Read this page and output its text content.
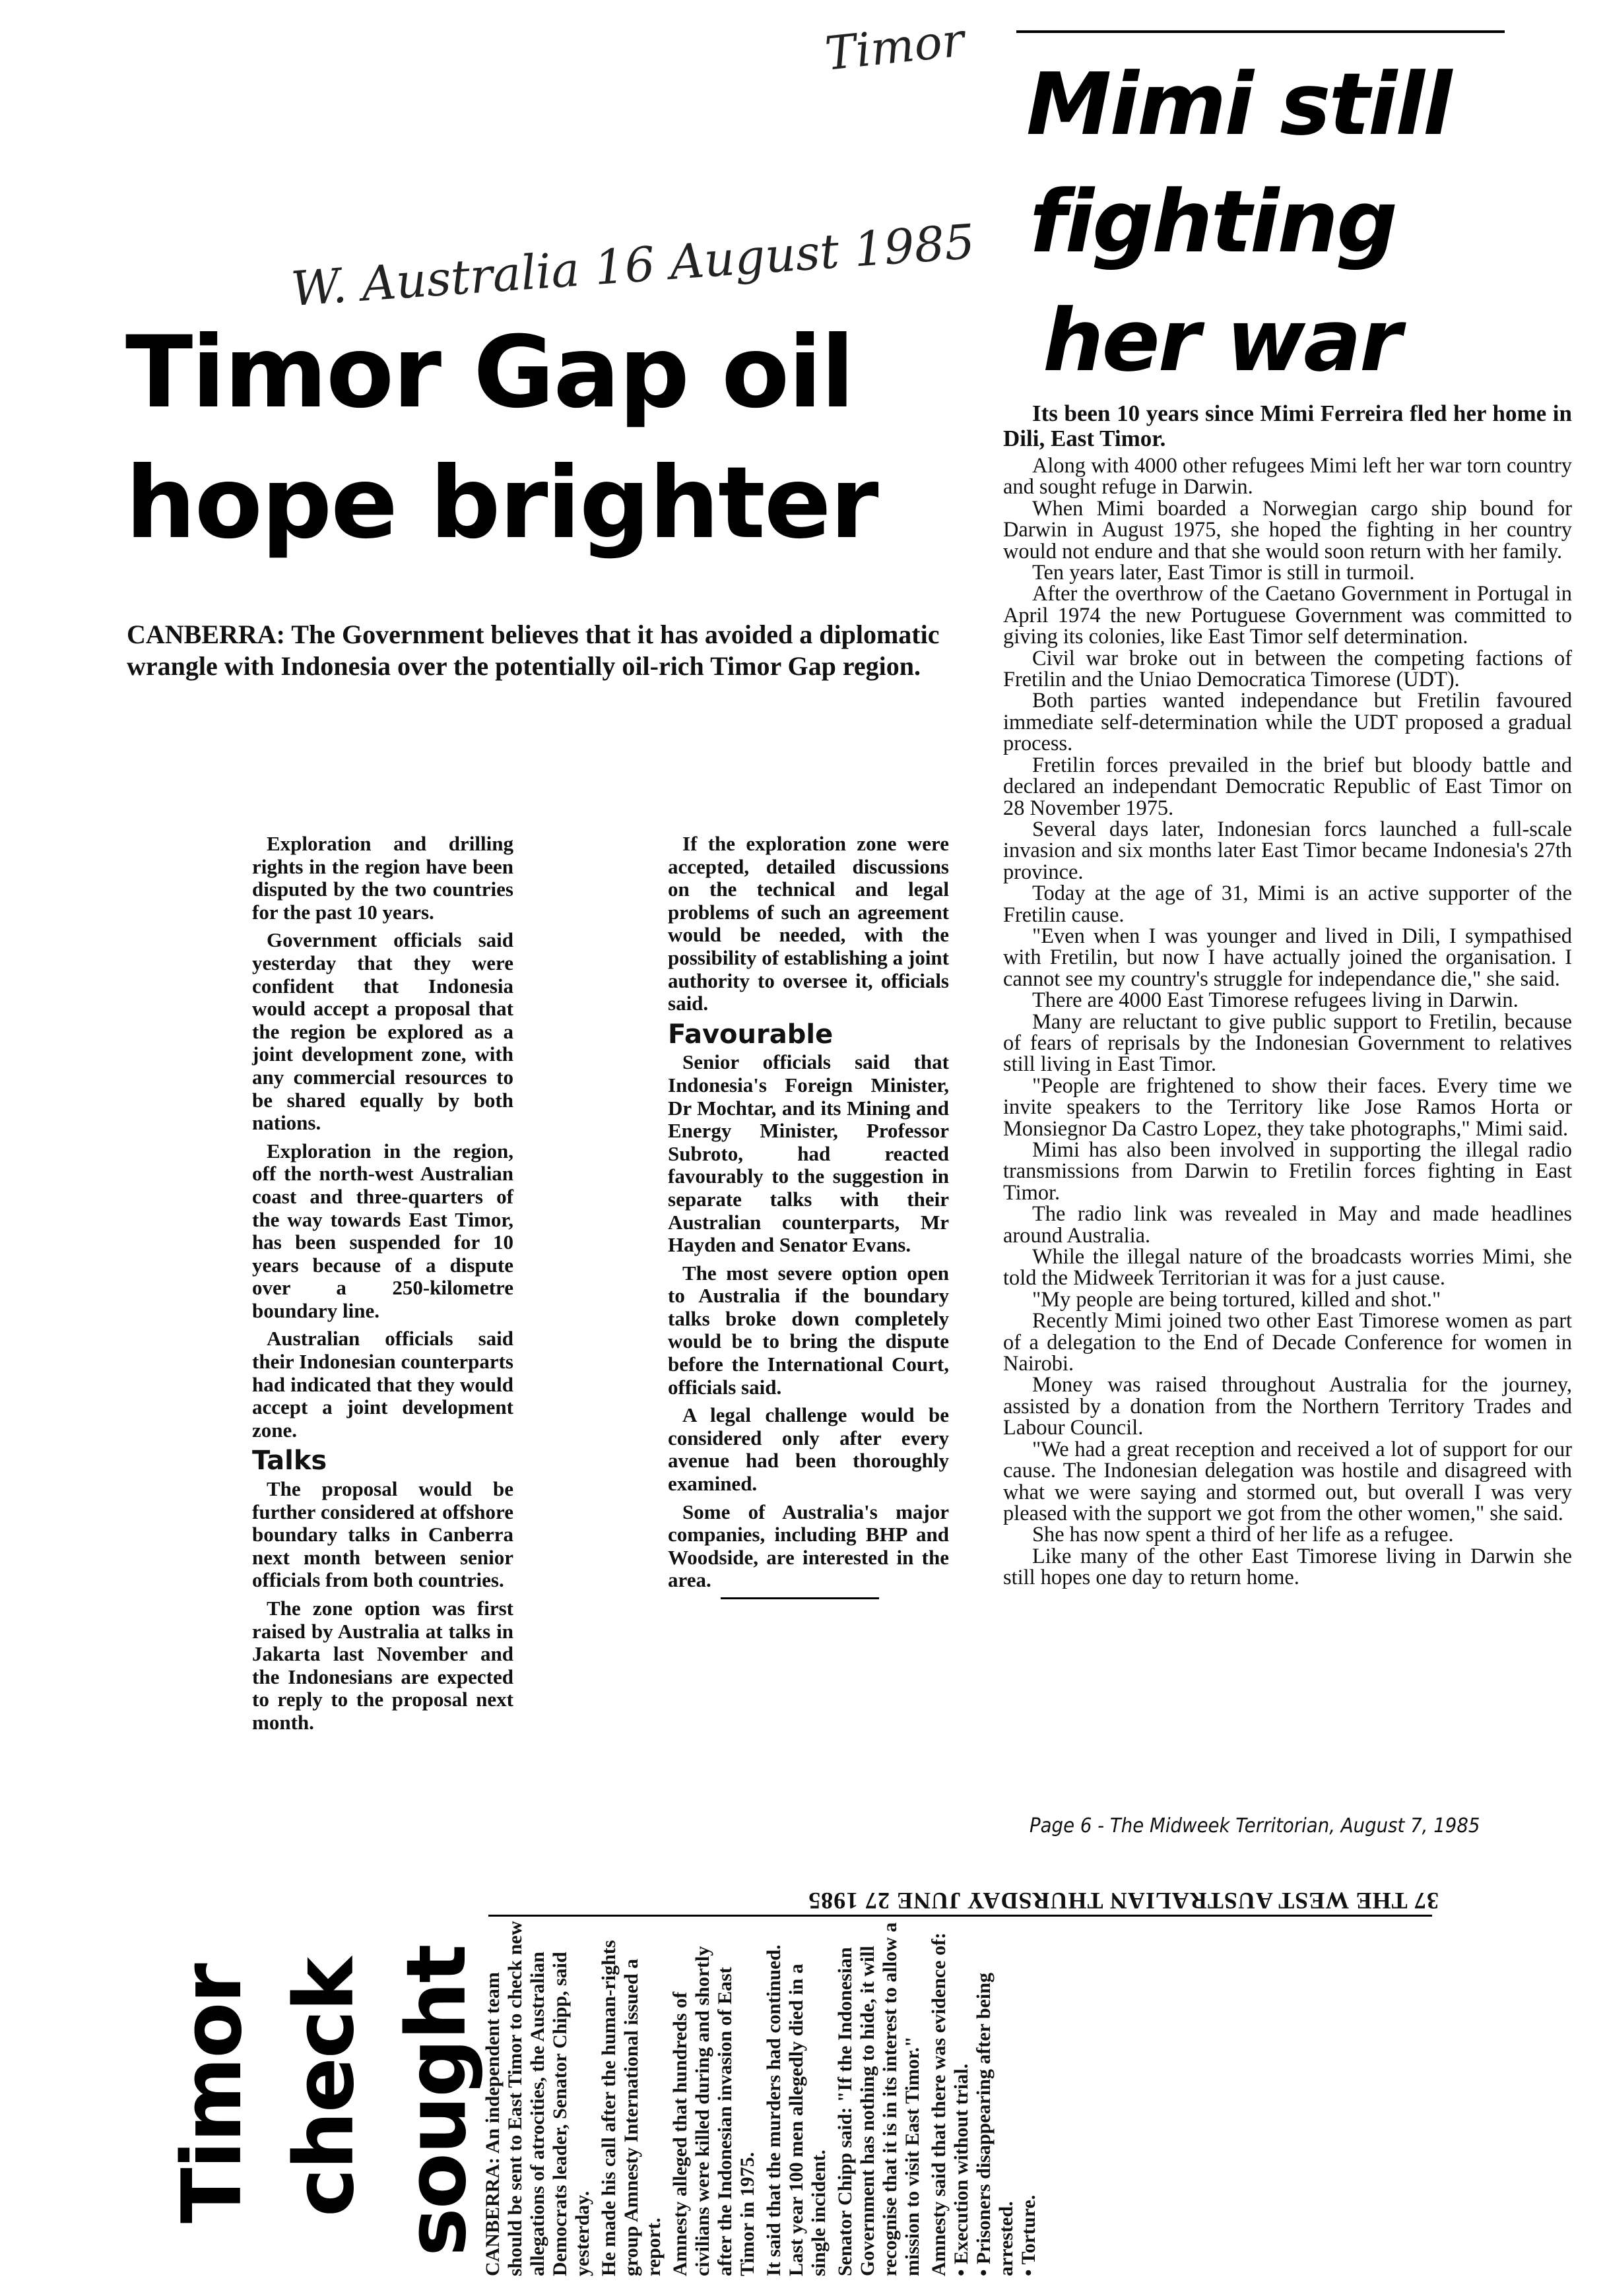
Timor
W. Australia 16 August 1985
Timor Gap oil
hope brighter
CANBERRA: The Government believes that it has avoided a diplomatic wrangle with Indonesia over the potentially oil-rich Timor Gap region.

Exploration and drilling rights in the region have been disputed by the two countries for the past 10 years.

Government officials said yesterday that they were confident that Indonesia would accept a proposal that the region be explored as a joint development zone, with any commercial resources to be shared equally by both nations.

Exploration in the region, off the north-west Australian coast and three-quarters of the way towards East Timor, has been suspended for 10 years because of a dispute over a 250-kilometre boundary line.

Australian officials said their Indonesian counterparts had indicated that they would accept a joint development zone.

Talks

The proposal would be further considered at offshore boundary talks in Canberra next month between senior officials from both countries.

The zone option was first raised by Australia at talks in Jakarta last November and the Indonesians are expected to reply to the proposal next month.

If the exploration zone were accepted, detailed discussions on the technical and legal problems of such an agreement would be needed, with the possibility of establishing a joint authority to oversee it, officials said.

Favourable

Senior officials said that Indonesia's Foreign Minister, Dr Mochtar, and its Mining and Energy Minister, Professor Subroto, had reacted favourably to the suggestion in separate talks with their Australian counterparts, Mr Hayden and Senator Evans.

The most severe option open to Australia if the boundary talks broke down completely would be to bring the dispute before the International Court, officials said.

A legal challenge would be considered only after every avenue had been thoroughly examined.

Some of Australia's major companies, including BHP and Woodside, are interested in the area.

Mimi still
fighting
her war
Its been 10 years since Mimi Ferreira fled her home in Dili, East Timor.

Along with 4000 other refugees Mimi left her war torn country and sought refuge in Darwin.

When Mimi boarded a Norwegian cargo ship bound for Darwin in August 1975, she hoped the fighting in her country would not endure and that she would soon return with her family.

Ten years later, East Timor is still in turmoil.

After the overthrow of the Caetano Government in Portugal in April 1974 the new Portuguese Government was committed to giving its colonies, like East Timor self determination.

Civil war broke out in between the competing factions of Fretilin and the Uniao Democratica Timorese (UDT).

Both parties wanted independance but Fretilin favoured immediate self-determination while the UDT proposed a gradual process.

Fretilin forces prevailed in the brief but bloody battle and declared an independant Democratic Republic of East Timor on 28 November 1975.

Several days later, Indonesian forcs launched a full-scale invasion and six months later East Timor became Indonesia's 27th province.

Today at the age of 31, Mimi is an active supporter of the Fretilin cause.

"Even when I was younger and lived in Dili, I sympathised with Fretilin, but now I have actually joined the organisation. I cannot see my country's struggle for independance die," she said.

There are 4000 East Timorese refugees living in Darwin.

Many are reluctant to give public support to Fretilin, because of fears of reprisals by the Indonesian Government to relatives still living in East Timor.

"People are frightened to show their faces. Every time we invite speakers to the Territory like Jose Ramos Horta or Monsiegnor Da Castro Lopez, they take photographs," Mimi said.

Mimi has also been involved in supporting the illegal radio transmissions from Darwin to Fretilin forces fighting in East Timor.

The radio link was revealed in May and made headlines around Australia.

While the illegal nature of the broadcasts worries Mimi, she told the Midweek Territorian it was for a just cause.

"My people are being tortured, killed and shot."

Recently Mimi joined two other East Timorese women as part of a delegation to the End of Decade Conference for women in Nairobi.

Money was raised throughout Australia for the journey, assisted by a donation from the Northern Territory Trades and Labour Council.

"We had a great reception and received a lot of support for our cause. The Indonesian delegation was hostile and disagreed with what we were saying and stormed out, but overall I was very pleased with the support we got from the other women," she said.

She has now spent a third of her life as a refugee.

Like many of the other East Timorese living in Darwin she still hopes one day to return home.

Page 6 - The Midweek Territorian, August 7, 1985
37 THE WEST AUSTRALIAN THURSDAY JUNE 27 1985
Timor check sought

CANBERRA: An independent team should be sent to East Timor to check new allegations of atrocities, the Australian Democrats leader, Senator Chipp, said yesterday. He made his call after the human-rights group Amnesty International issued a report. Amnesty alleged that hundreds of civilians were killed during and shortly after the Indonesian invasion of East Timor in 1975. It said that the murders had continued. Last year 100 men allegedly died in a single incident. Senator Chipp said: "If the Indonesian Government has nothing to hide, it will recognise that it is in its interest to allow a mission to visit East Timor." Amnesty said that there was evidence of: • Execution without trial. • Prisoners disappearing after being arrested. • Torture.
